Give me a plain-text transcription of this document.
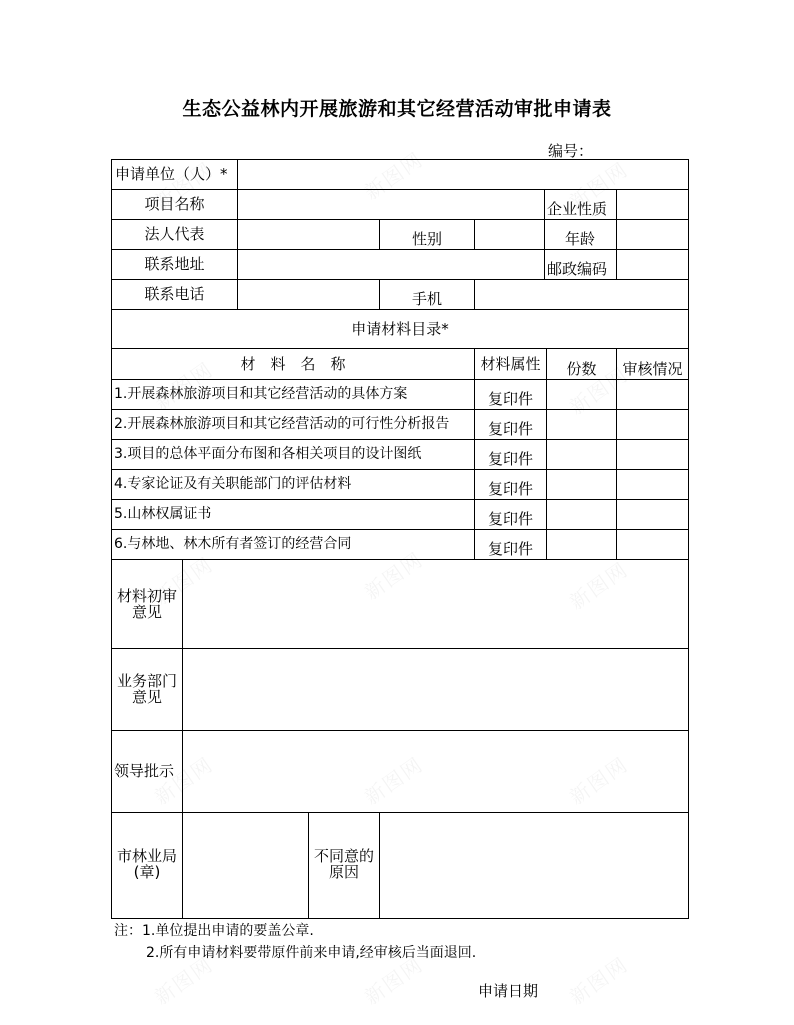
生态公益林内开展旅游和其它经营活动审批申请表
编号：
申请单位（人）*
项目名称	企业性质
法人代表	性别	年龄
联系地址	邮政编码
联系电话	手机
申请材料目录*
材　料　名　称	材料属性	份数	审核情况
1.开展森林旅游项目和其它经营活动的具体方案	复印件
2.开展森林旅游项目和其它经营活动的可行性分析报告	复印件
3.项目的总体平面分布图和各相关项目的设计图纸	复印件
4.专家论证及有关职能部门的评估材料	复印件
5.山林权属证书	复印件
6.与林地、林木所有者签订的经营合同	复印件
材料初审意见
业务部门意见
领导批示
市林业局(章)
不同意的原因
注：1.单位提出申请的要盖公章.
2.所有申请材料要带原件前来申请,经审核后当面退回.
申请日期
